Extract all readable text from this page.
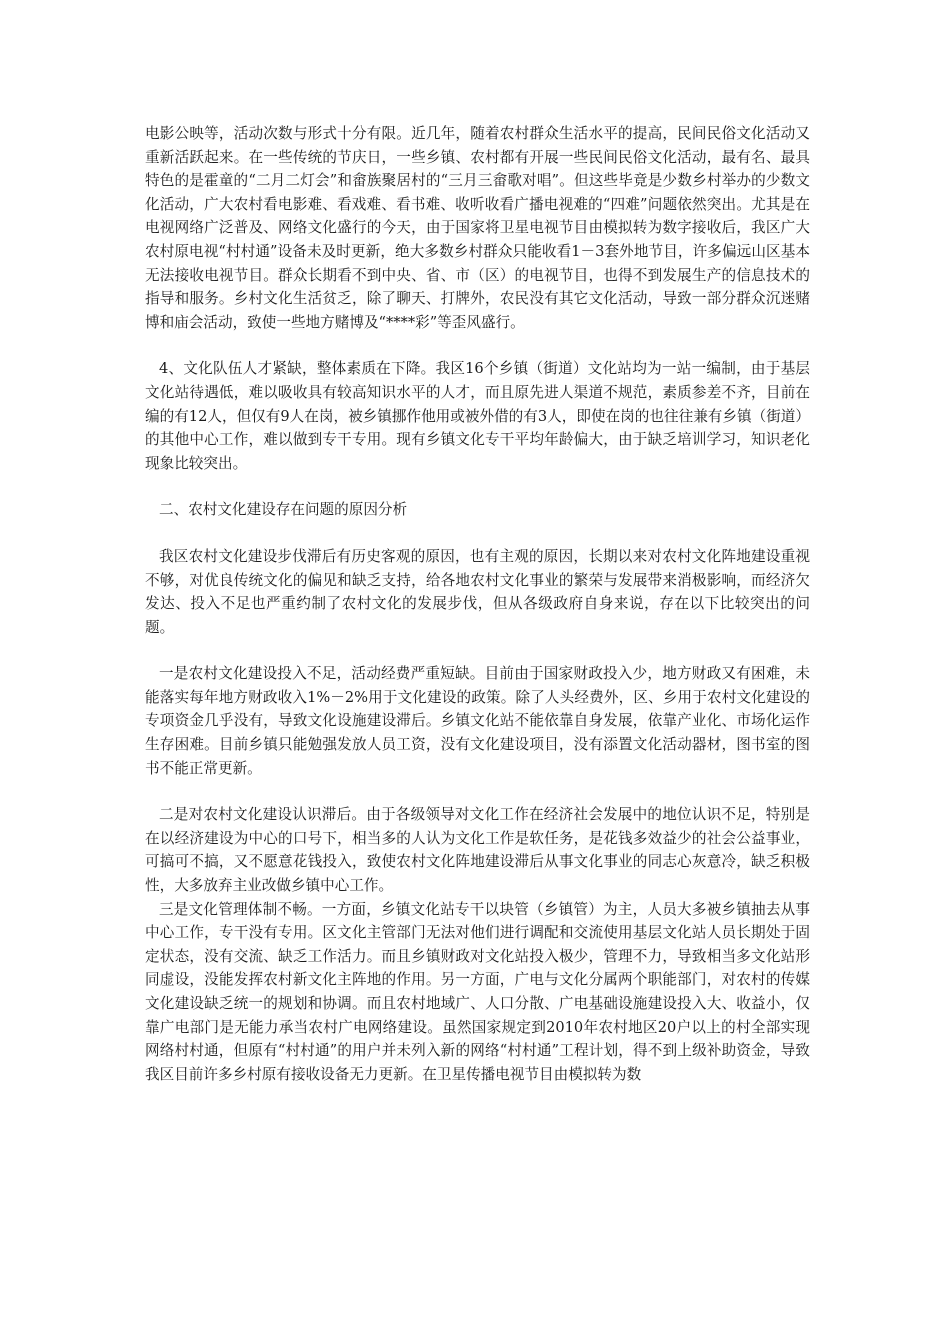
电影公映等，活动次数与形式十分有限。近几年，随着农村群众生活水平的提高，民间民俗文化活动又重新活跃起来。在一些传统的节庆日，一些乡镇、农村都有开展一些民间民俗文化活动，最有名、最具特色的是霍童的“二月二灯会”和畲族聚居村的“三月三畲歌对唱”。但这些毕竟是少数乡村举办的少数文化活动，广大农村看电影难、看戏难、看书难、收听收看广播电视难的“四难”问题依然突出。尤其是在电视网络广泛普及、网络文化盛行的今天，由于国家将卫星电视节目由模拟转为数字接收后，我区广大农村原电视“村村通”设备未及时更新，绝大多数乡村群众只能收看1－3套外地节目，许多偏远山区基本无法接收电视节目。群众长期看不到中央、省、市（区）的电视节目，也得不到发展生产的信息技术的指导和服务。乡村文化生活贫乏，除了聊天、打牌外，农民没有其它文化活动，导致一部分群众沉迷赌博和庙会活动，致使一些地方赌博及“****彩”等歪风盛行。

4、文化队伍人才紧缺，整体素质在下降。我区16个乡镇（街道）文化站均为一站一编制，由于基层文化站待遇低，难以吸收具有较高知识水平的人才，而且原先进人渠道不规范，素质参差不齐，目前在编的有12人，但仅有9人在岗，被乡镇挪作他用或被外借的有3人，即使在岗的也往往兼有乡镇（街道）的其他中心工作，难以做到专干专用。现有乡镇文化专干平均年龄偏大，由于缺乏培训学习，知识老化现象比较突出。

二、农村文化建设存在问题的原因分析

我区农村文化建设步伐滞后有历史客观的原因，也有主观的原因，长期以来对农村文化阵地建设重视不够，对优良传统文化的偏见和缺乏支持，给各地农村文化事业的繁荣与发展带来消极影响，而经济欠发达、投入不足也严重约制了农村文化的发展步伐，但从各级政府自身来说，存在以下比较突出的问题。

一是农村文化建设投入不足，活动经费严重短缺。目前由于国家财政投入少，地方财政又有困难，未能落实每年地方财政收入1%－2%用于文化建设的政策。除了人头经费外，区、乡用于农村文化建设的专项资金几乎没有，导致文化设施建设滞后。乡镇文化站不能依靠自身发展，依靠产业化、市场化运作生存困难。目前乡镇只能勉强发放人员工资，没有文化建设项目，没有添置文化活动器材，图书室的图书不能正常更新。

二是对农村文化建设认识滞后。由于各级领导对文化工作在经济社会发展中的地位认识不足，特别是在以经济建设为中心的口号下，相当多的人认为文化工作是软任务，是花钱多效益少的社会公益事业，可搞可不搞，又不愿意花钱投入，致使农村文化阵地建设滞后从事文化事业的同志心灰意冷，缺乏积极性，大多放弃主业改做乡镇中心工作。

三是文化管理体制不畅。一方面，乡镇文化站专干以块管（乡镇管）为主，人员大多被乡镇抽去从事中心工作，专干没有专用。区文化主管部门无法对他们进行调配和交流使用基层文化站人员长期处于固定状态，没有交流、缺乏工作活力。而且乡镇财政对文化站投入极少，管理不力，导致相当多文化站形同虚设，没能发挥农村新文化主阵地的作用。另一方面，广电与文化分属两个职能部门，对农村的传媒文化建设缺乏统一的规划和协调。而且农村地域广、人口分散、广电基础设施建设投入大、收益小，仅靠广电部门是无能力承当农村广电网络建设。虽然国家规定到2010年农村地区20户以上的村全部实现网络村村通，但原有“村村通”的用户并未列入新的网络“村村通”工程计划，得不到上级补助资金，导致我区目前许多乡村原有接收设备无力更新。在卫星传播电视节目由模拟转为数
